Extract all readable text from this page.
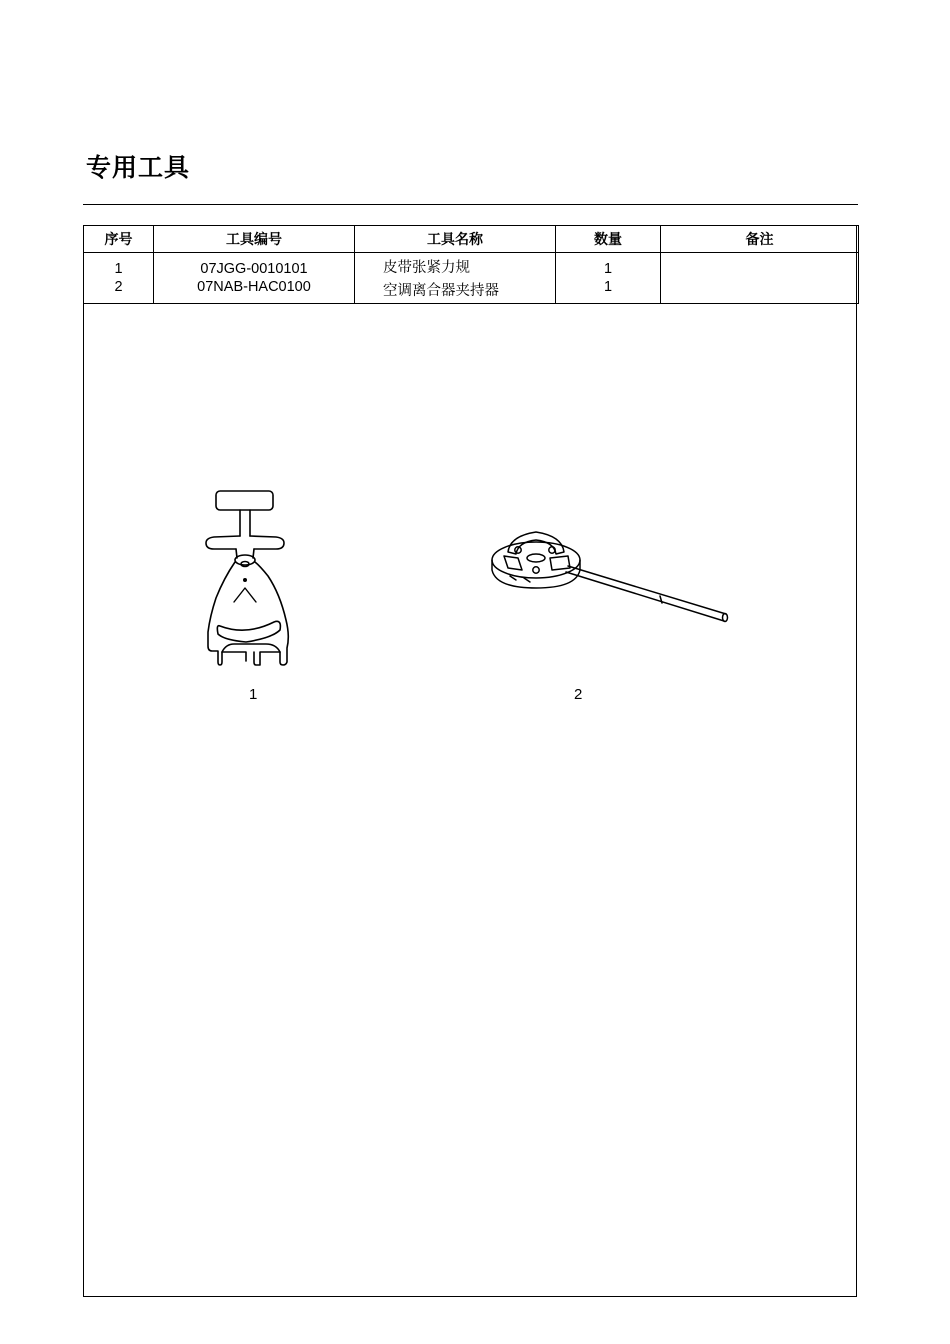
专用工具
序号	工具编号	工具名称	数量	备注
1	07JGG-0010101	皮带张紧力规	1	
2	07NAB-HAC0100	空调离合器夹持器	1	
1	2
